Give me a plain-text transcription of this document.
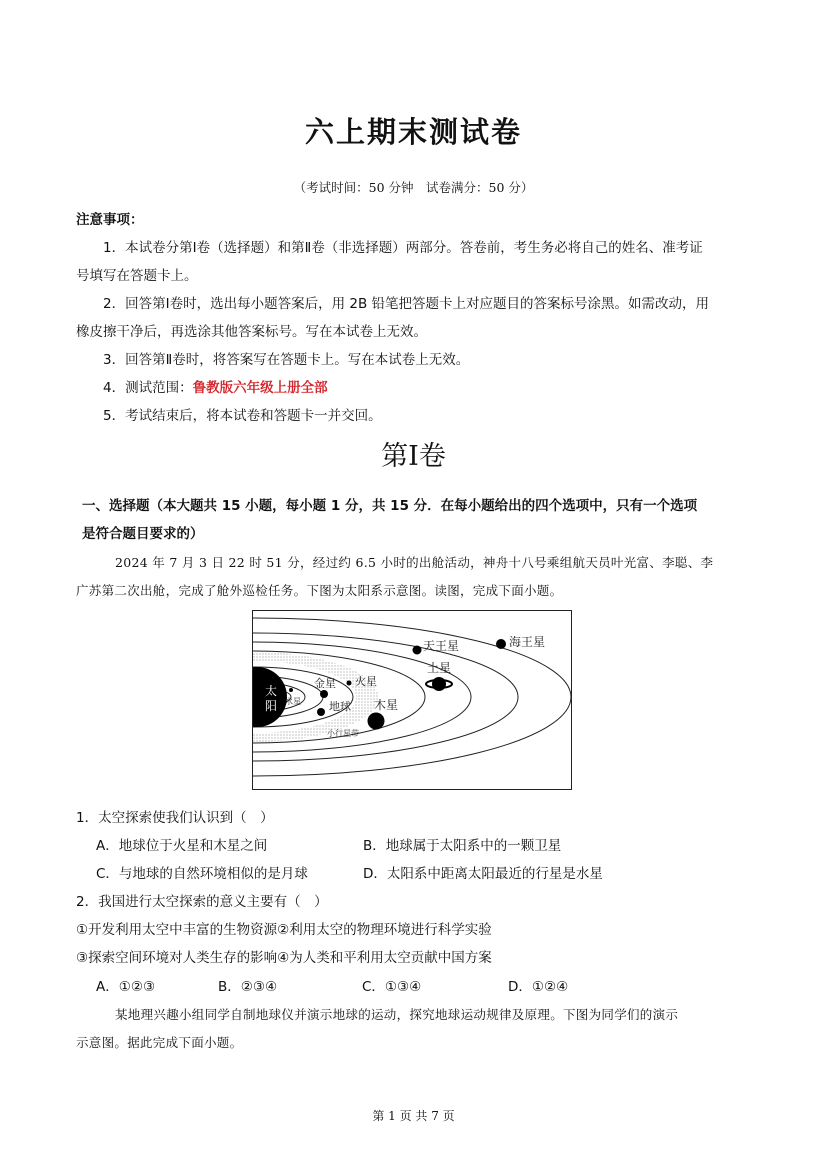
六上期末测试卷
（考试时间：50 分钟　试卷满分：50 分）
注意事项：
1．本试卷分第Ⅰ卷（选择题）和第Ⅱ卷（非选择题）两部分。答卷前，考生务必将自己的姓名、准考证
号填写在答题卡上。
2．回答第Ⅰ卷时，选出每小题答案后，用 2B 铅笔把答题卡上对应题目的答案标号涂黑。如需改动，用
橡皮擦干净后，再选涂其他答案标号。写在本试卷上无效。
3．回答第Ⅱ卷时，将答案写在答题卡上。写在本试卷上无效。
4．测试范围：鲁教版六年级上册全部
5．考试结束后，将本试卷和答题卡一并交回。
第Ⅰ卷
一、选择题（本大题共 15 小题，每小题 1 分，共 15 分．在每小题给出的四个选项中，只有一个选项
是符合题目要求的）
2024 年 7 月 3 日 22 时 51 分，经过约 6.5 小时的出舱活动，神舟十八号乘组航天员叶光富、李聪、李
广苏第二次出舱，完成了舱外巡检任务。下图为太阳系示意图。读图，完成下面小题。
太
阳 水星
金星
地球
火星
小行星带
木星
土星
天王星	海王星
1．太空探索使我们认识到（　）
A．地球位于火星和木星之间	B．地球属于太阳系中的一颗卫星
C．与地球的自然环境相似的是月球	D．太阳系中距离太阳最近的行星是水星
2．我国进行太空探索的意义主要有（　）
①开发利用太空中丰富的生物资源②利用太空的物理环境进行科学实验
③探索空间环境对人类生存的影响④为人类和平利用太空贡献中国方案
A．①②③	B．②③④	C．①③④	D．①②④
某地理兴趣小组同学自制地球仪并演示地球的运动，探究地球运动规律及原理。下图为同学们的演示
示意图。据此完成下面小题。
第 1 页 共 7 页
